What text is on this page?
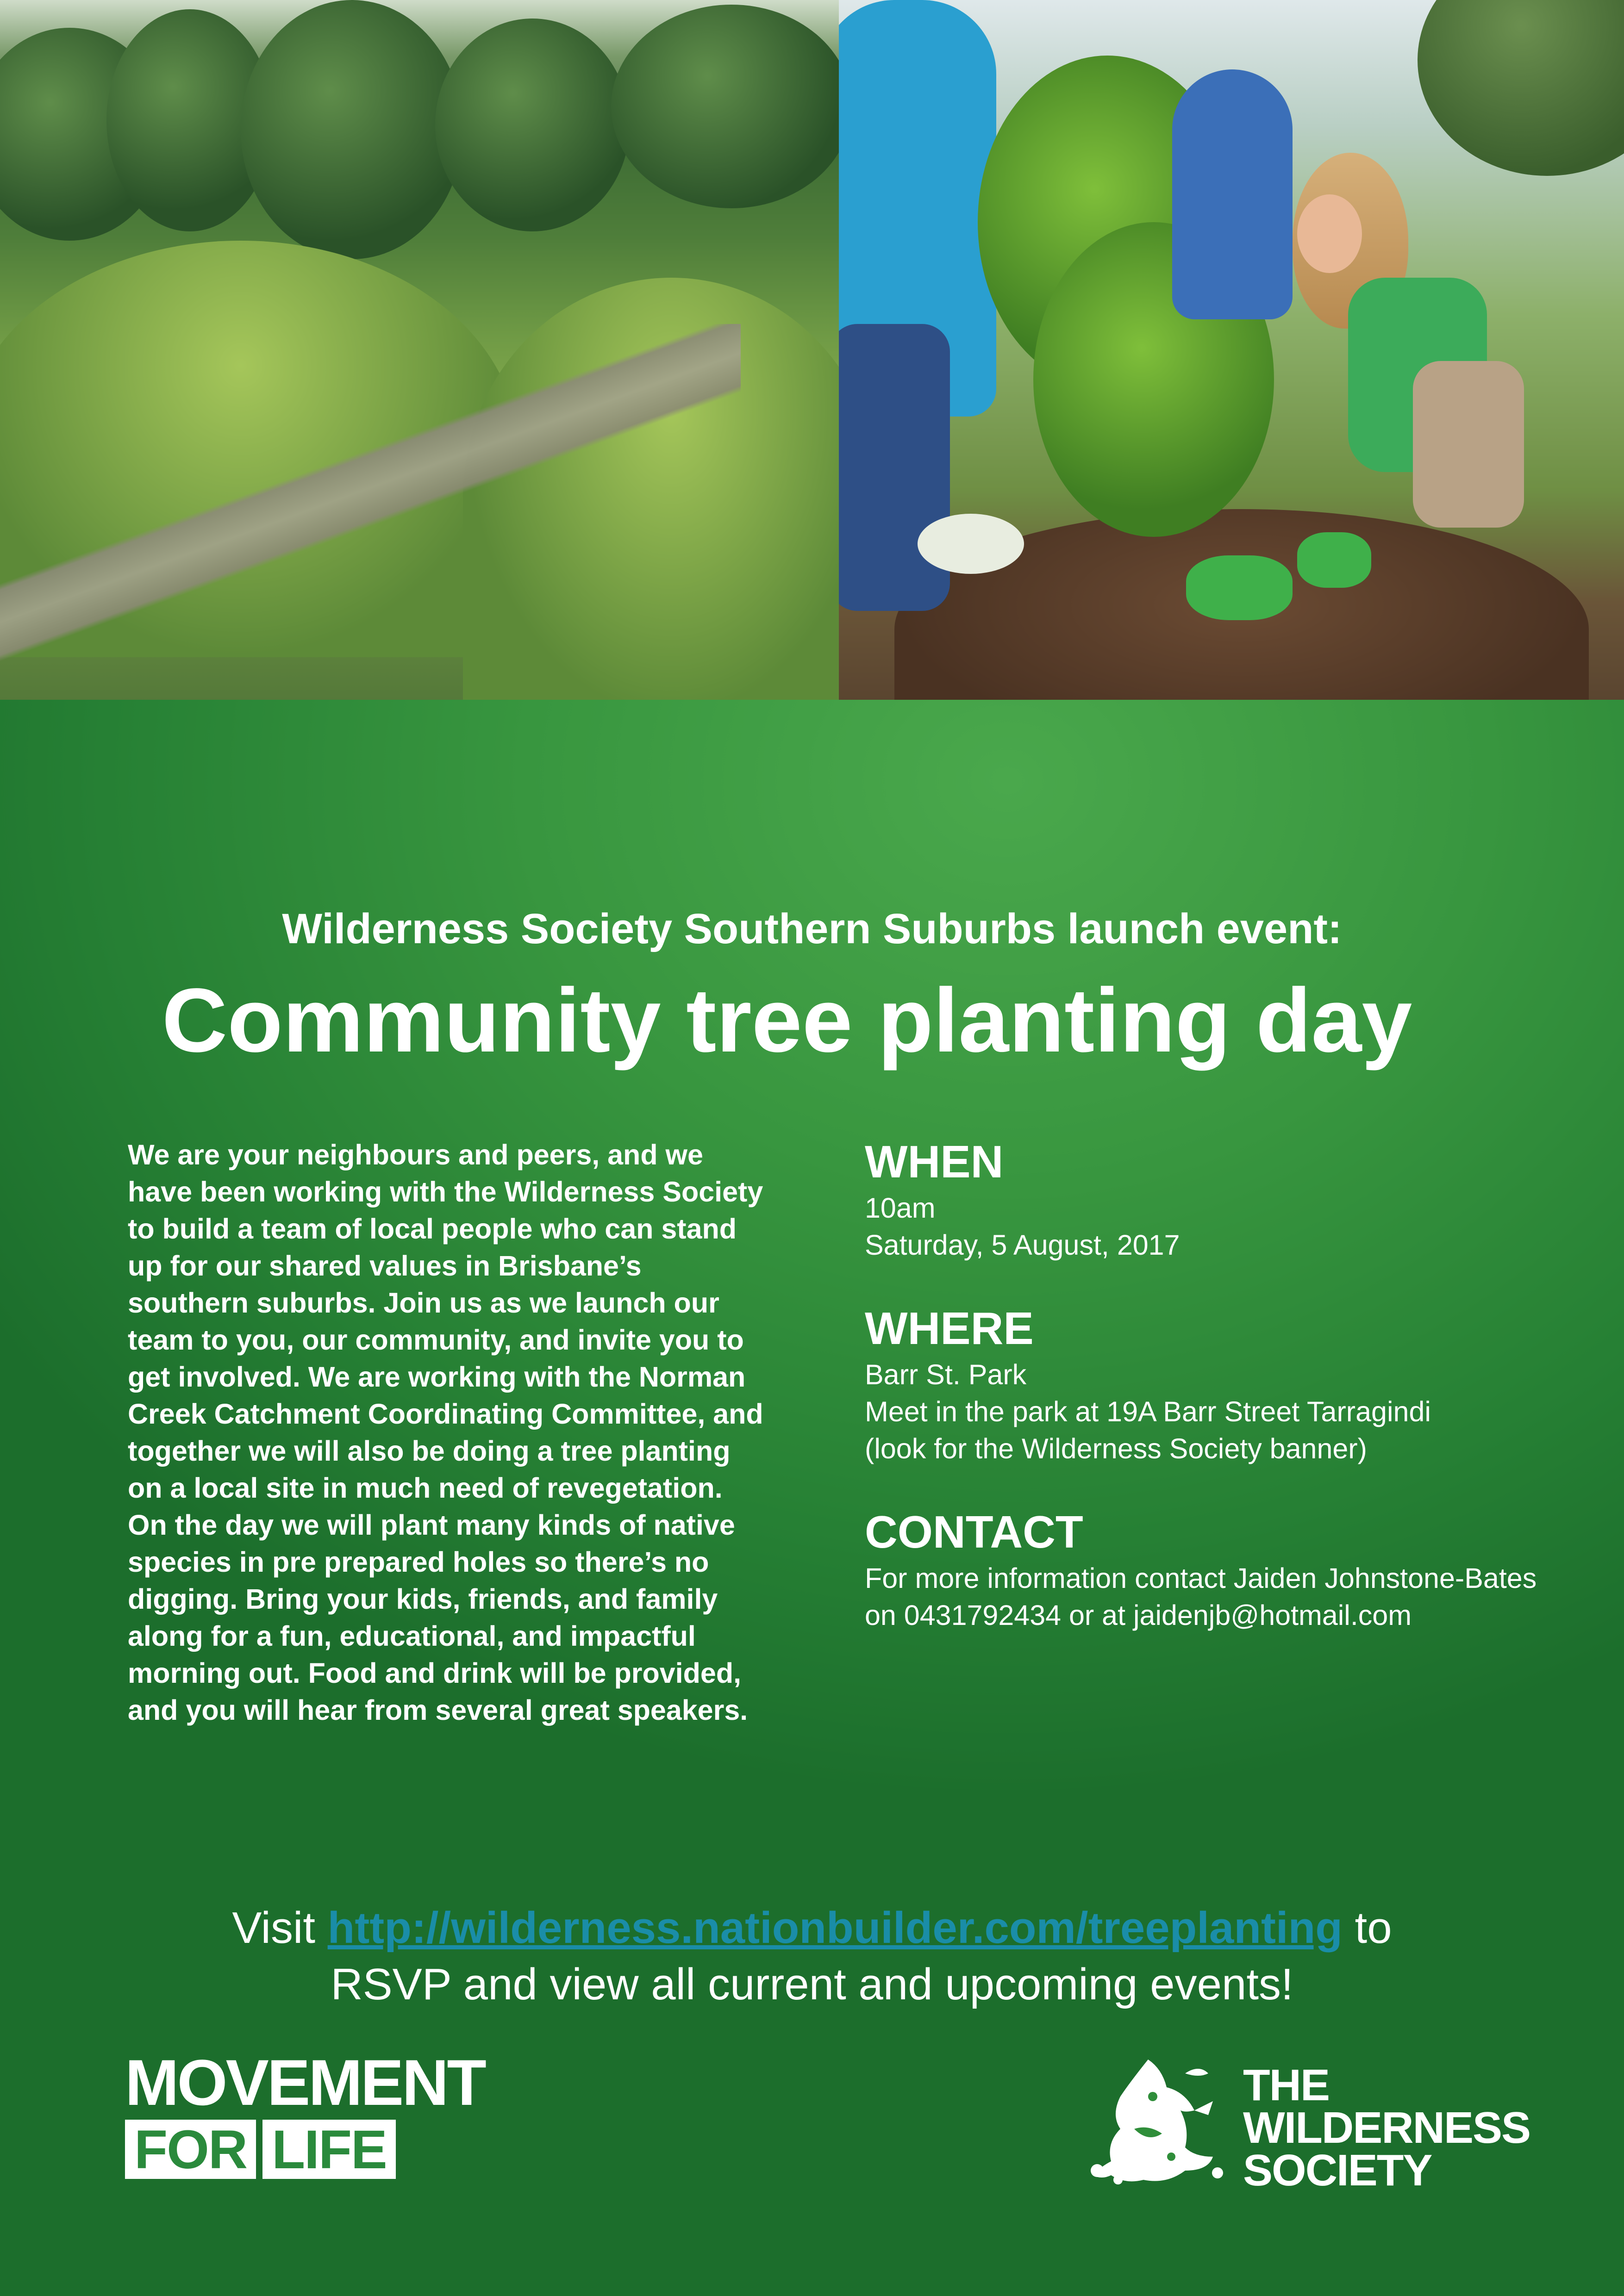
Wilderness Society Southern Suburbs launch event:

Community tree planting day

We are your neighbours and peers, and we have been working with the Wilderness Society to build a team of local people who can stand up for our shared values in Brisbane’s southern suburbs. Join us as we launch our team to you, our community, and invite you to get involved. We are working with the Norman Creek Catchment Coordinating Committee, and together we will also be doing a tree planting on a local site in much need of revegetation. On the day we will plant many kinds of native species in pre prepared holes so there’s no digging. Bring your kids, friends, and family along for a fun, educational, and impactful morning out. Food and drink will be provided, and you will hear from several great speakers.

WHEN

10am

Saturday, 5 August, 2017

WHERE

Barr St. Park

Meet in the park at 19A Barr Street Tarragindi

(look for the Wilderness Society banner)

CONTACT

For more information contact Jaiden Johnstone-Bates on 0431792434 or at jaidenjb@hotmail.com

Visit http://wilderness.nationbuilder.com/treeplanting to
RSVP and view all current and upcoming events!

MOVEMENT

FOR LIFE

THE
WILDERNESS
SOCIETY
